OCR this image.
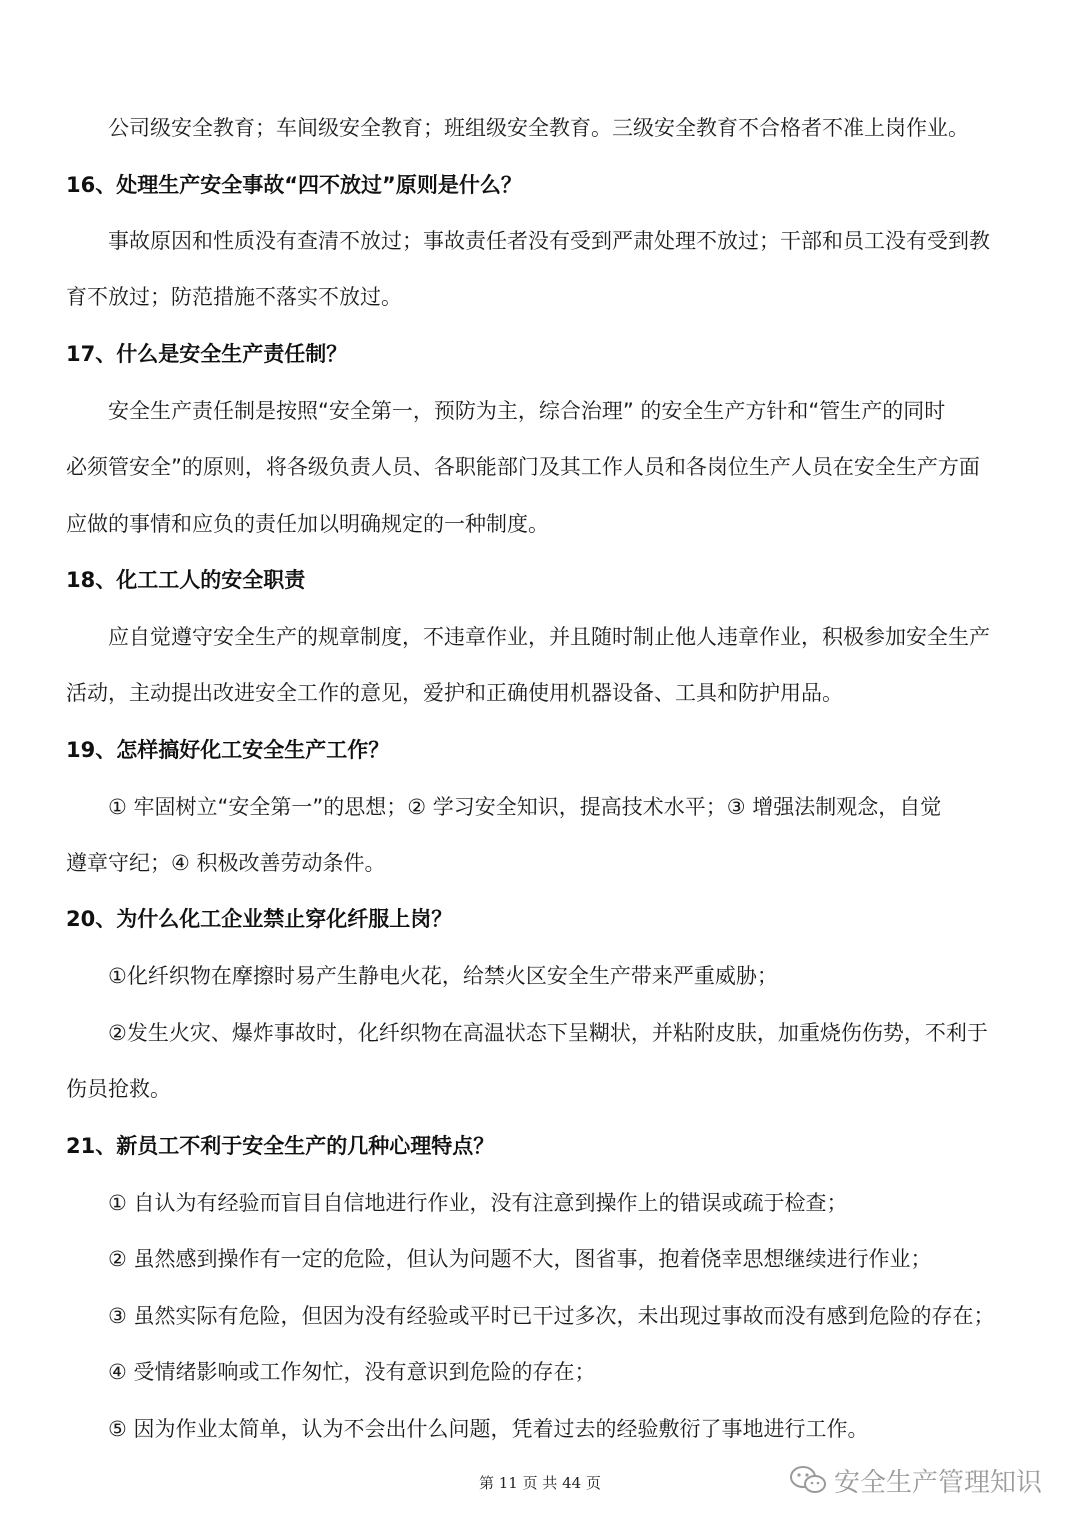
公司级安全教育；车间级安全教育；班组级安全教育。三级安全教育不合格者不准上岗作业。
16、处理生产安全事故“四不放过”原则是什么？
事故原因和性质没有查清不放过；事故责任者没有受到严肃处理不放过；干部和员工没有受到教
育不放过；防范措施不落实不放过。
17、什么是安全生产责任制？
安全生产责任制是按照“安全第一，预防为主，综合治理” 的安全生产方针和“管生产的同时
必须管安全”的原则，将各级负责人员、各职能部门及其工作人员和各岗位生产人员在安全生产方面
应做的事情和应负的责任加以明确规定的一种制度。
18、化工工人的安全职责
应自觉遵守安全生产的规章制度，不违章作业，并且随时制止他人违章作业，积极参加安全生产
活动，主动提出改进安全工作的意见，爱护和正确使用机器设备、工具和防护用品。
19、怎样搞好化工安全生产工作？
① 牢固树立“安全第一”的思想；② 学习安全知识，提高技术水平；③ 增强法制观念，自觉
遵章守纪；④ 积极改善劳动条件。
20、为什么化工企业禁止穿化纤服上岗？
①化纤织物在摩擦时易产生静电火花，给禁火区安全生产带来严重威胁；
②发生火灾、爆炸事故时，化纤织物在高温状态下呈糊状，并粘附皮肤，加重烧伤伤势，不利于
伤员抢救。
21、新员工不利于安全生产的几种心理特点？
① 自认为有经验而盲目自信地进行作业，没有注意到操作上的错误或疏于检查；
② 虽然感到操作有一定的危险，但认为问题不大，图省事，抱着侥幸思想继续进行作业；
③ 虽然实际有危险，但因为没有经验或平时已干过多次，未出现过事故而没有感到危险的存在；
④ 受情绪影响或工作匆忙，没有意识到危险的存在；
⑤ 因为作业太简单，认为不会出什么问题，凭着过去的经验敷衍了事地进行工作。
第 11 页 共 44 页	安全生产管理知识
